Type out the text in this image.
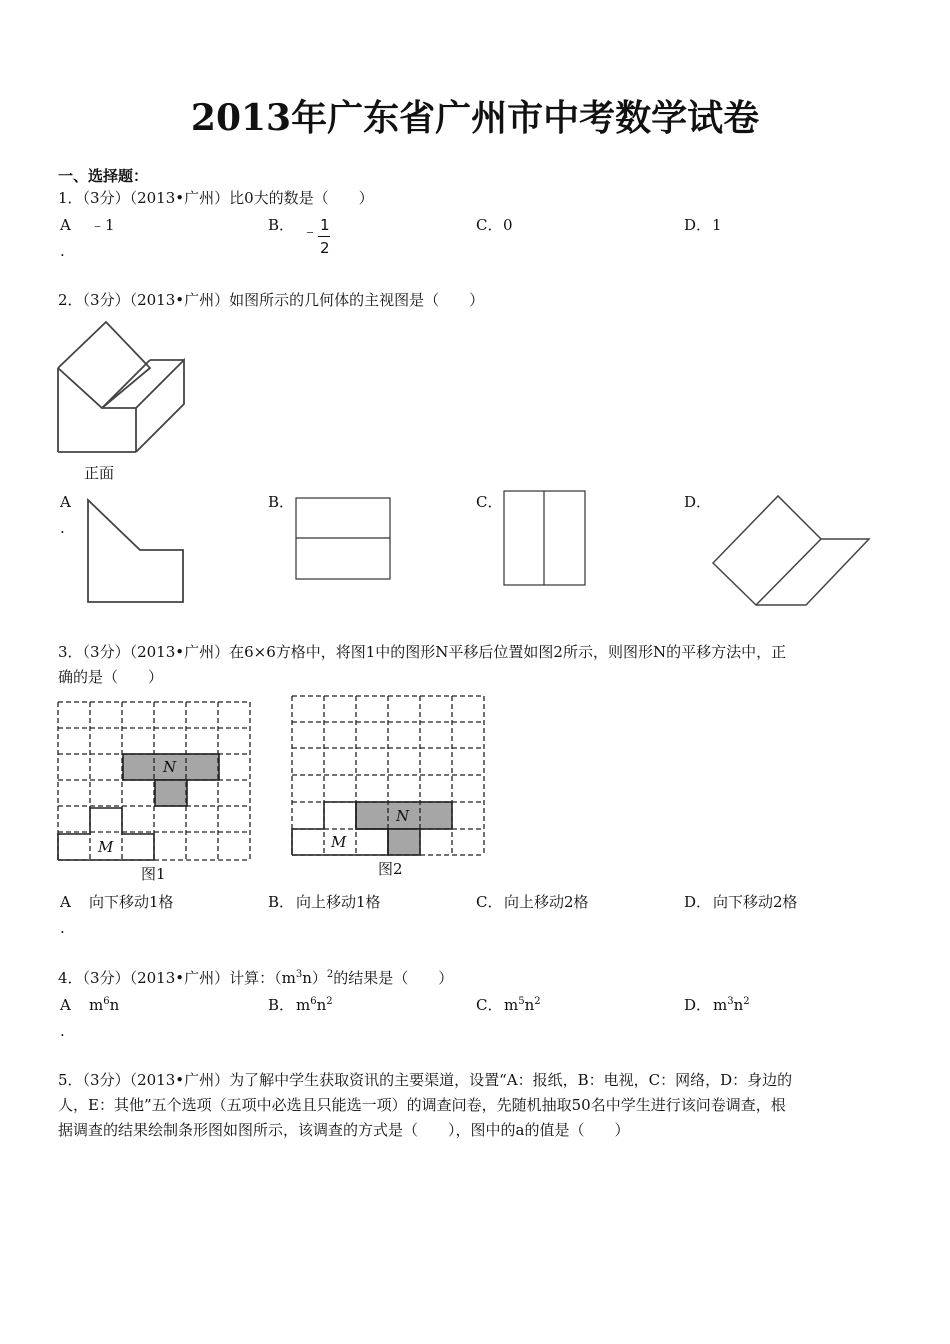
2013年广东省广州市中考数学试卷
一、选择题：
1．（3分）（2013•广州）比0大的数是（　　）
A
.
﹣1	B． ﹣ 1
2
C． 0	D． 1
2．（3分）（2013•广州）如图所示的几何体的主视图是（　　）
正面
A
.
B．	C．	D．
3．（3分）（2013•广州）在6×6方格中，将图1中的图形N平移后位置如图2所示，则图形N的平移方法中，正
确的是（　　）
N
M
图1
N
M
图2
A
.
向下移动1格	B． 向上移动1格	C． 向上移动2格	D． 向下移动2格
4．（3分）（2013•广州）计算：$(m^3n)^2$的结果是（　　）
A
.
$m^6n$	B． $m^6n^2$	C． $m^5n^2$	D． $m^3n^2$
5．（3分）（2013•广州）为了解中学生获取资讯的主要渠道，设置“A：报纸，B：电视，C：网络，D：身边的
人，E：其他”五个选项（五项中必选且只能选一项）的调查问卷，先随机抽取50名中学生进行该问卷调查，根
据调查的结果绘制条形图如图所示，该调查的方式是（　　），图中的a的值是（　　）
